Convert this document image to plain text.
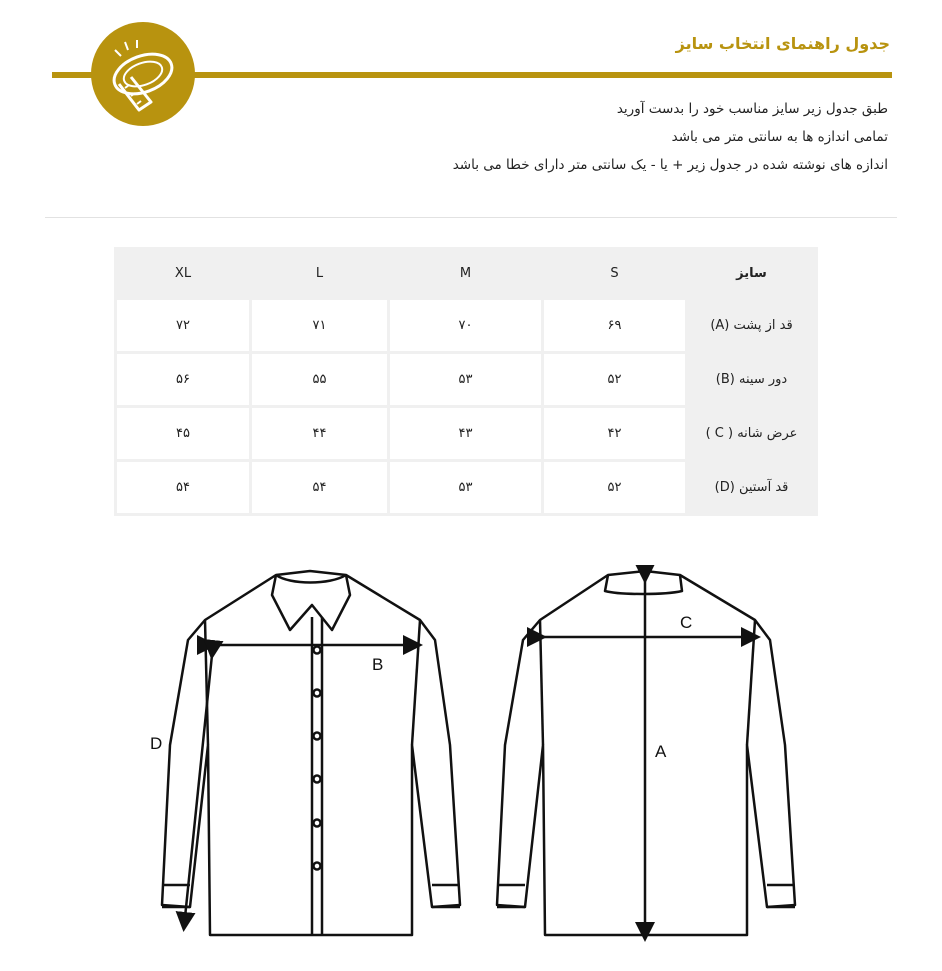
جدول راهنمای انتخاب سایز
طبق جدول زیر سایز مناسب خود را بدست آورید
تمامی اندازه ها به سانتی متر می باشد
اندازه های نوشته شده در جدول زیر + یا - یک سانتی متر دارای خطا می باشد
سایز	S	M	L	XL
قد از پشت (A)	۶۹	۷۰	۷۱	۷۲
دور سینه (B)	۵۲	۵۳	۵۵	۵۶
عرض شانه ( C )	۴۲	۴۳	۴۴	۴۵
قد آستین (D)	۵۲	۵۳	۵۴	۵۴
B
D
C
A
